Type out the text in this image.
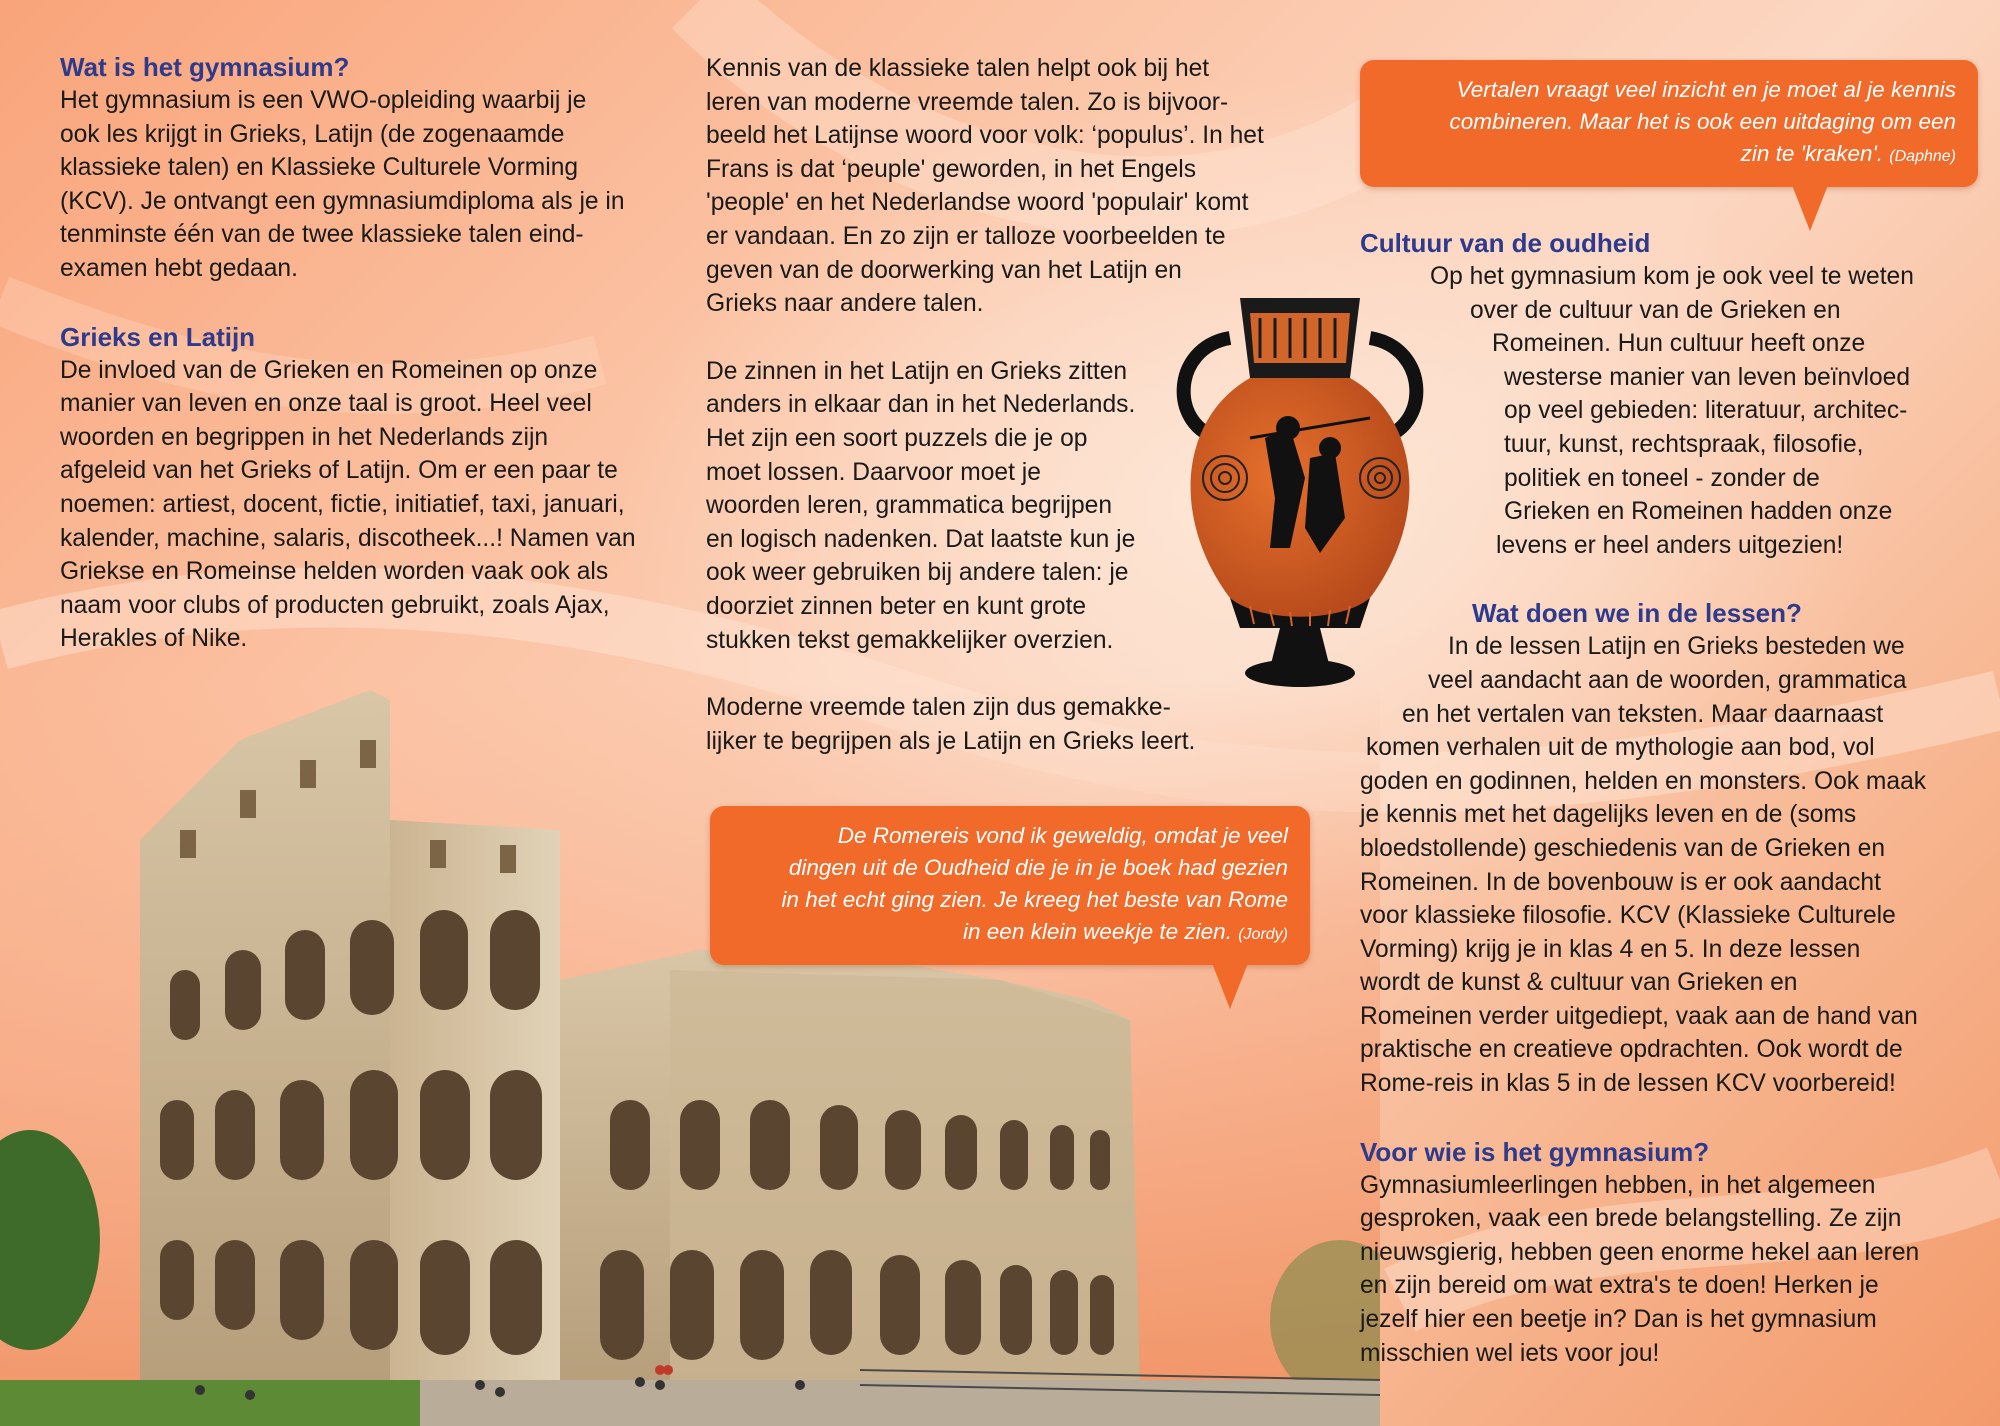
Wat is het gymnasium?

Het gymnasium is een VWO-opleiding waarbij je

ook les krijgt in Grieks, Latijn (de zogenaamde

klassieke talen) en Klassieke Culturele Vorming

(KCV). Je ontvangt een gymnasiumdiploma als je in

tenminste één van de twee klassieke talen eind-

examen hebt gedaan.

Grieks en Latijn

De invloed van de Grieken en Romeinen op onze

manier van leven en onze taal is groot. Heel veel

woorden en begrippen in het Nederlands zijn

afgeleid van het Grieks of Latijn. Om er een paar te

noemen: artiest, docent, fictie, initiatief, taxi, januari,

kalender, machine, salaris, discotheek...! Namen van

Griekse en Romeinse helden worden vaak ook als

naam voor clubs of producten gebruikt, zoals Ajax,

Herakles of Nike.

Kennis van de klassieke talen helpt ook bij het

leren van moderne vreemde talen. Zo is bijvoor-

beeld het Latijnse woord voor volk: ‘populus’. In het

Frans is dat ‘peuple' geworden, in het Engels

'people' en het Nederlandse woord 'populair' komt

er vandaan. En zo zijn er talloze voorbeelden te

geven van de doorwerking van het Latijn en

Grieks naar andere talen.

De zinnen in het Latijn en Grieks zitten

anders in elkaar dan in het Nederlands.

Het zijn een soort puzzels die je op

moet lossen. Daarvoor moet je

woorden leren, grammatica begrijpen

en logisch nadenken. Dat laatste kun je

ook weer gebruiken bij andere talen: je

doorziet zinnen beter en kunt grote

stukken tekst gemakkelijker overzien.

Moderne vreemde talen zijn dus gemakke-

lijker te begrijpen als je Latijn en Grieks leert.

Cultuur van de oudheid

Op het gymnasium kom je ook veel te weten

over de cultuur van de Grieken en

Romeinen. Hun cultuur heeft onze

westerse manier van leven beïnvloed

op veel gebieden: literatuur, architec-

tuur, kunst, rechtspraak, filosofie,

politiek en toneel - zonder de

Grieken en Romeinen hadden onze

levens er heel anders uitgezien!

Wat doen we in de lessen?

In de lessen Latijn en Grieks besteden we

veel aandacht aan de woorden, grammatica

en het vertalen van teksten. Maar daarnaast

komen verhalen uit de mythologie aan bod, vol

goden en godinnen, helden en monsters. Ook maak

je kennis met het dagelijks leven en de (soms

bloedstollende) geschiedenis van de Grieken en

Romeinen. In de bovenbouw is er ook aandacht

voor klassieke filosofie. KCV (Klassieke Culturele

Vorming) krijg je in klas 4 en 5. In deze lessen

wordt de kunst & cultuur van Grieken en

Romeinen verder uitgediept, vaak aan de hand van

praktische en creatieve opdrachten. Ook wordt de

Rome-reis in klas 5 in de lessen KCV voorbereid!

Voor wie is het gymnasium?

Gymnasiumleerlingen hebben, in het algemeen

gesproken, vaak een brede belangstelling. Ze zijn

nieuwsgierig, hebben geen enorme hekel aan leren

en zijn bereid om wat extra's te doen! Herken je

jezelf hier een beetje in? Dan is het gymnasium

misschien wel iets voor jou!

Vertalen vraagt veel inzicht en je moet al je kennis
combineren. Maar het is ook een uitdaging om een
zin te 'kraken'. (Daphne)
De Romereis vond ik geweldig, omdat je veel
dingen uit de Oudheid die je in je boek had gezien
in het echt ging zien. Je kreeg het beste van Rome
in een klein weekje te zien. (Jordy)
